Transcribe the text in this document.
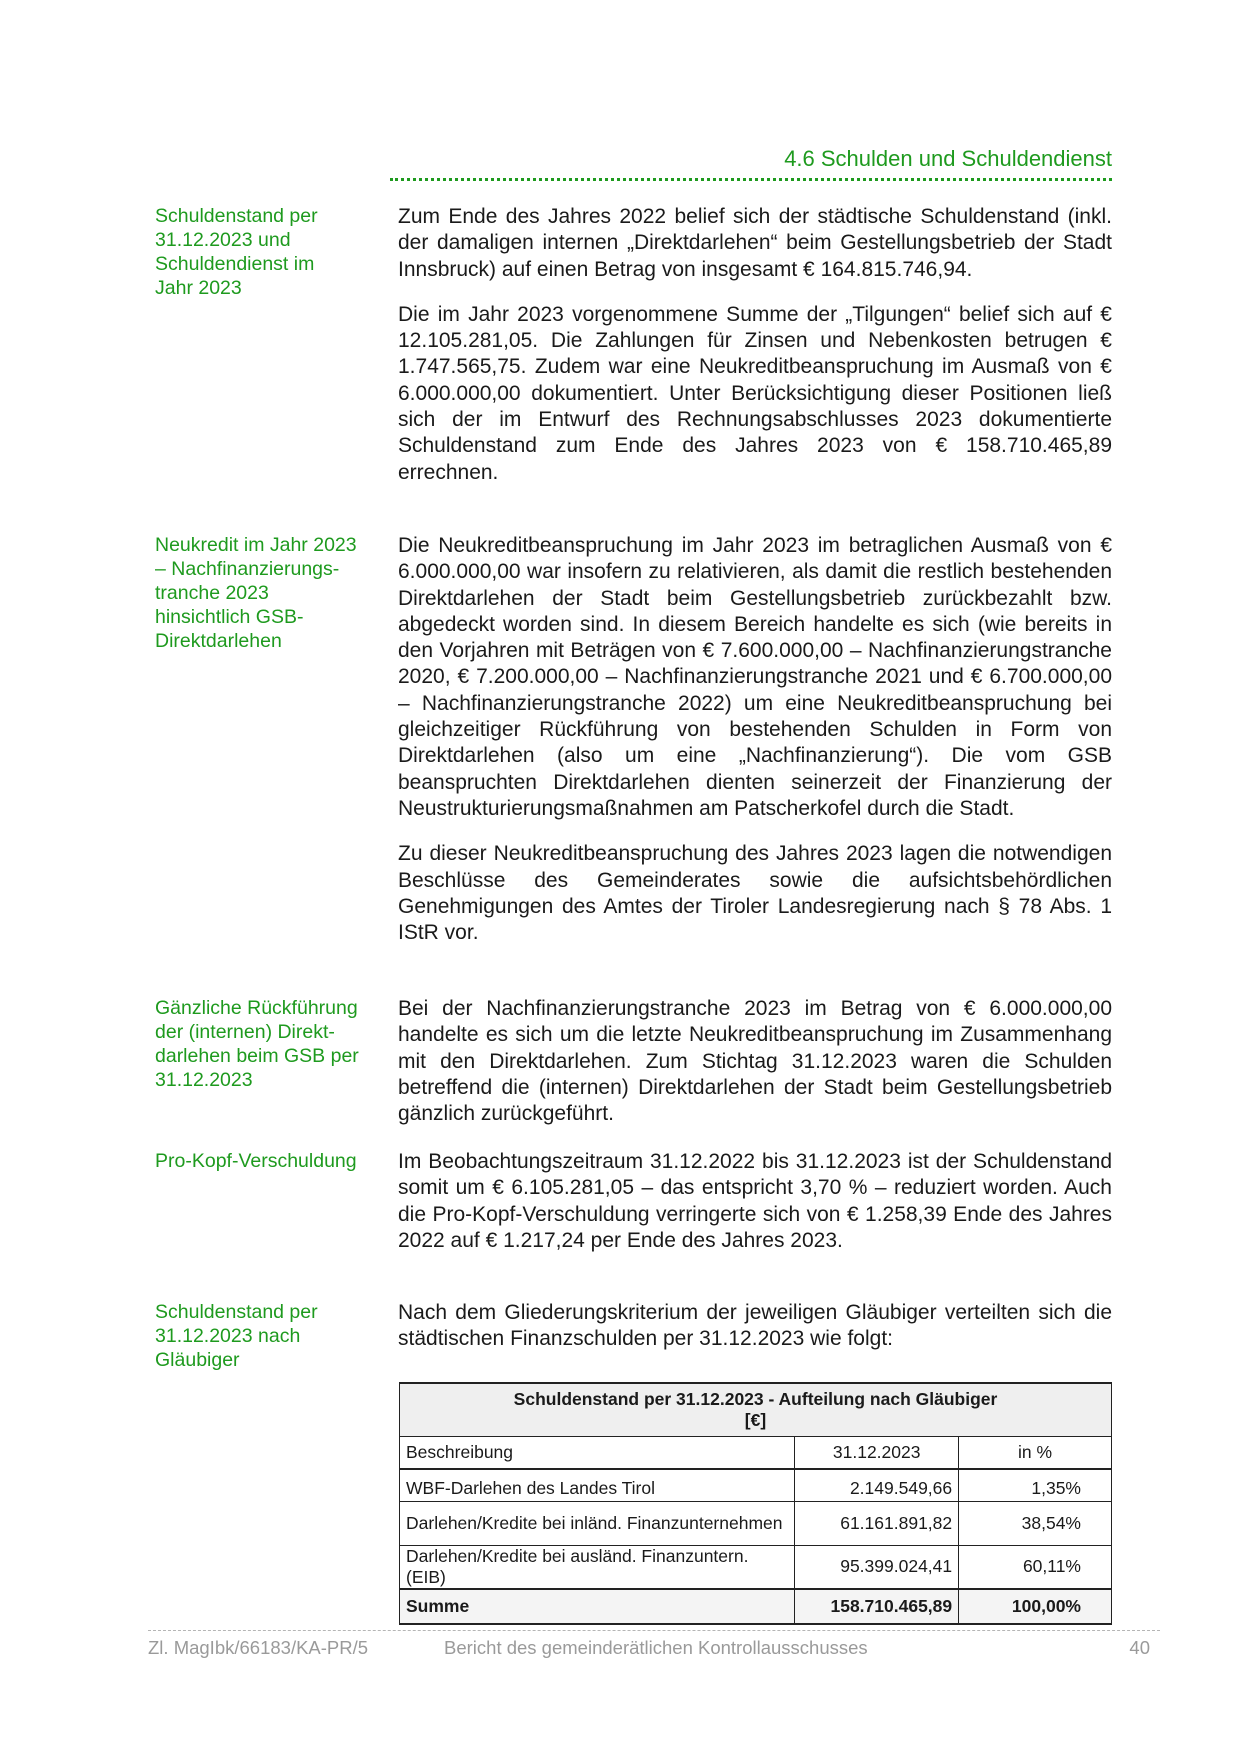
4.6 Schulden und Schuldendienst
Schuldenstand per
31.12.2023 und
Schuldendienst im
Jahr 2023

Zum Ende des Jahres 2022 belief sich der städtische Schuldenstand (inkl. der damaligen internen „Direktdarlehen“ beim Gestellungsbetrieb der Stadt Innsbruck) auf einen Betrag von insgesamt € 164.815.746,94.

Die im Jahr 2023 vorgenommene Summe der „Tilgungen“ belief sich auf € 12.105.281,05. Die Zahlungen für Zinsen und Nebenkosten betrugen € 1.747.565,75. Zudem war eine Neukreditbeanspruchung im Ausmaß von € 6.000.000,00 dokumentiert. Unter Berücksichtigung dieser Positionen ließ sich der im Entwurf des Rechnungsabschlusses 2023 dokumentierte Schuldenstand zum Ende des Jahres 2023 von € 158.710.465,89 errechnen.

Neukredit im Jahr 2023
– Nachfinanzierungs-
tranche 2023
hinsichtlich GSB-
Direktdarlehen

Die Neukreditbeanspruchung im Jahr 2023 im betraglichen Ausmaß von € 6.000.000,00 war insofern zu relativieren, als damit die restlich bestehenden Direktdarlehen der Stadt beim Gestellungsbetrieb zurückbezahlt bzw. abgedeckt worden sind. In diesem Bereich handelte es sich (wie bereits in den Vorjahren mit Beträgen von € 7.600.000,00 – Nachfinanzierungstranche 2020, € 7.200.000,00 – Nachfinanzierungstranche 2021 und € 6.700.000,00 – Nachfinanzierungstranche 2022) um eine Neukreditbeanspruchung bei gleichzeitiger Rückführung von bestehenden Schulden in Form von Direktdarlehen (also um eine „Nachfinanzierung“). Die vom GSB beanspruchten Direktdarlehen dienten seinerzeit der Finanzierung der Neustrukturierungsmaßnahmen am Patscherkofel durch die Stadt.

Zu dieser Neukreditbeanspruchung des Jahres 2023 lagen die notwendigen Beschlüsse des Gemeinderates sowie die aufsichtsbehördlichen Genehmigungen des Amtes der Tiroler Landesregierung nach § 78 Abs. 1 IStR vor.

Gänzliche Rückführung
der (internen) Direkt-
darlehen beim GSB per
31.12.2023

Bei der Nachfinanzierungstranche 2023 im Betrag von € 6.000.000,00 handelte es sich um die letzte Neukreditbeanspruchung im Zusammenhang mit den Direktdarlehen. Zum Stichtag 31.12.2023 waren die Schulden betreffend die (internen) Direktdarlehen der Stadt beim Gestellungsbetrieb gänzlich zurückgeführt.

Pro-Kopf-Verschuldung	Im Beobachtungszeitraum 31.12.2022 bis 31.12.2023 ist der Schuldenstand somit um € 6.105.281,05 – das entspricht 3,70 % – reduziert worden. Auch die Pro-Kopf-Verschuldung verringerte sich von € 1.258,39 Ende des Jahres 2022 auf € 1.217,24 per Ende des Jahres 2023.

Schuldenstand per
31.12.2023 nach
Gläubiger

Nach dem Gliederungskriterium der jeweiligen Gläubiger verteilten sich die städtischen Finanzschulden per 31.12.2023 wie folgt:

Schuldenstand per 31.12.2023 - Aufteilung nach Gläubiger
[€]		

Beschreibung	31.12.2023	in %
WBF-Darlehen des Landes Tirol	2.149.549,66	1,35%
Darlehen/Kredite bei inländ. Finanzunternehmen	61.161.891,82	38,54%
Darlehen/Kredite bei ausländ. Finanzuntern. (EIB)	95.399.024,41	60,11%
Summe	158.710.465,89	100,00%
Zl. MagIbk/66183/KA-PR/5	Bericht des gemeinderätlichen Kontrollausschusses	40
